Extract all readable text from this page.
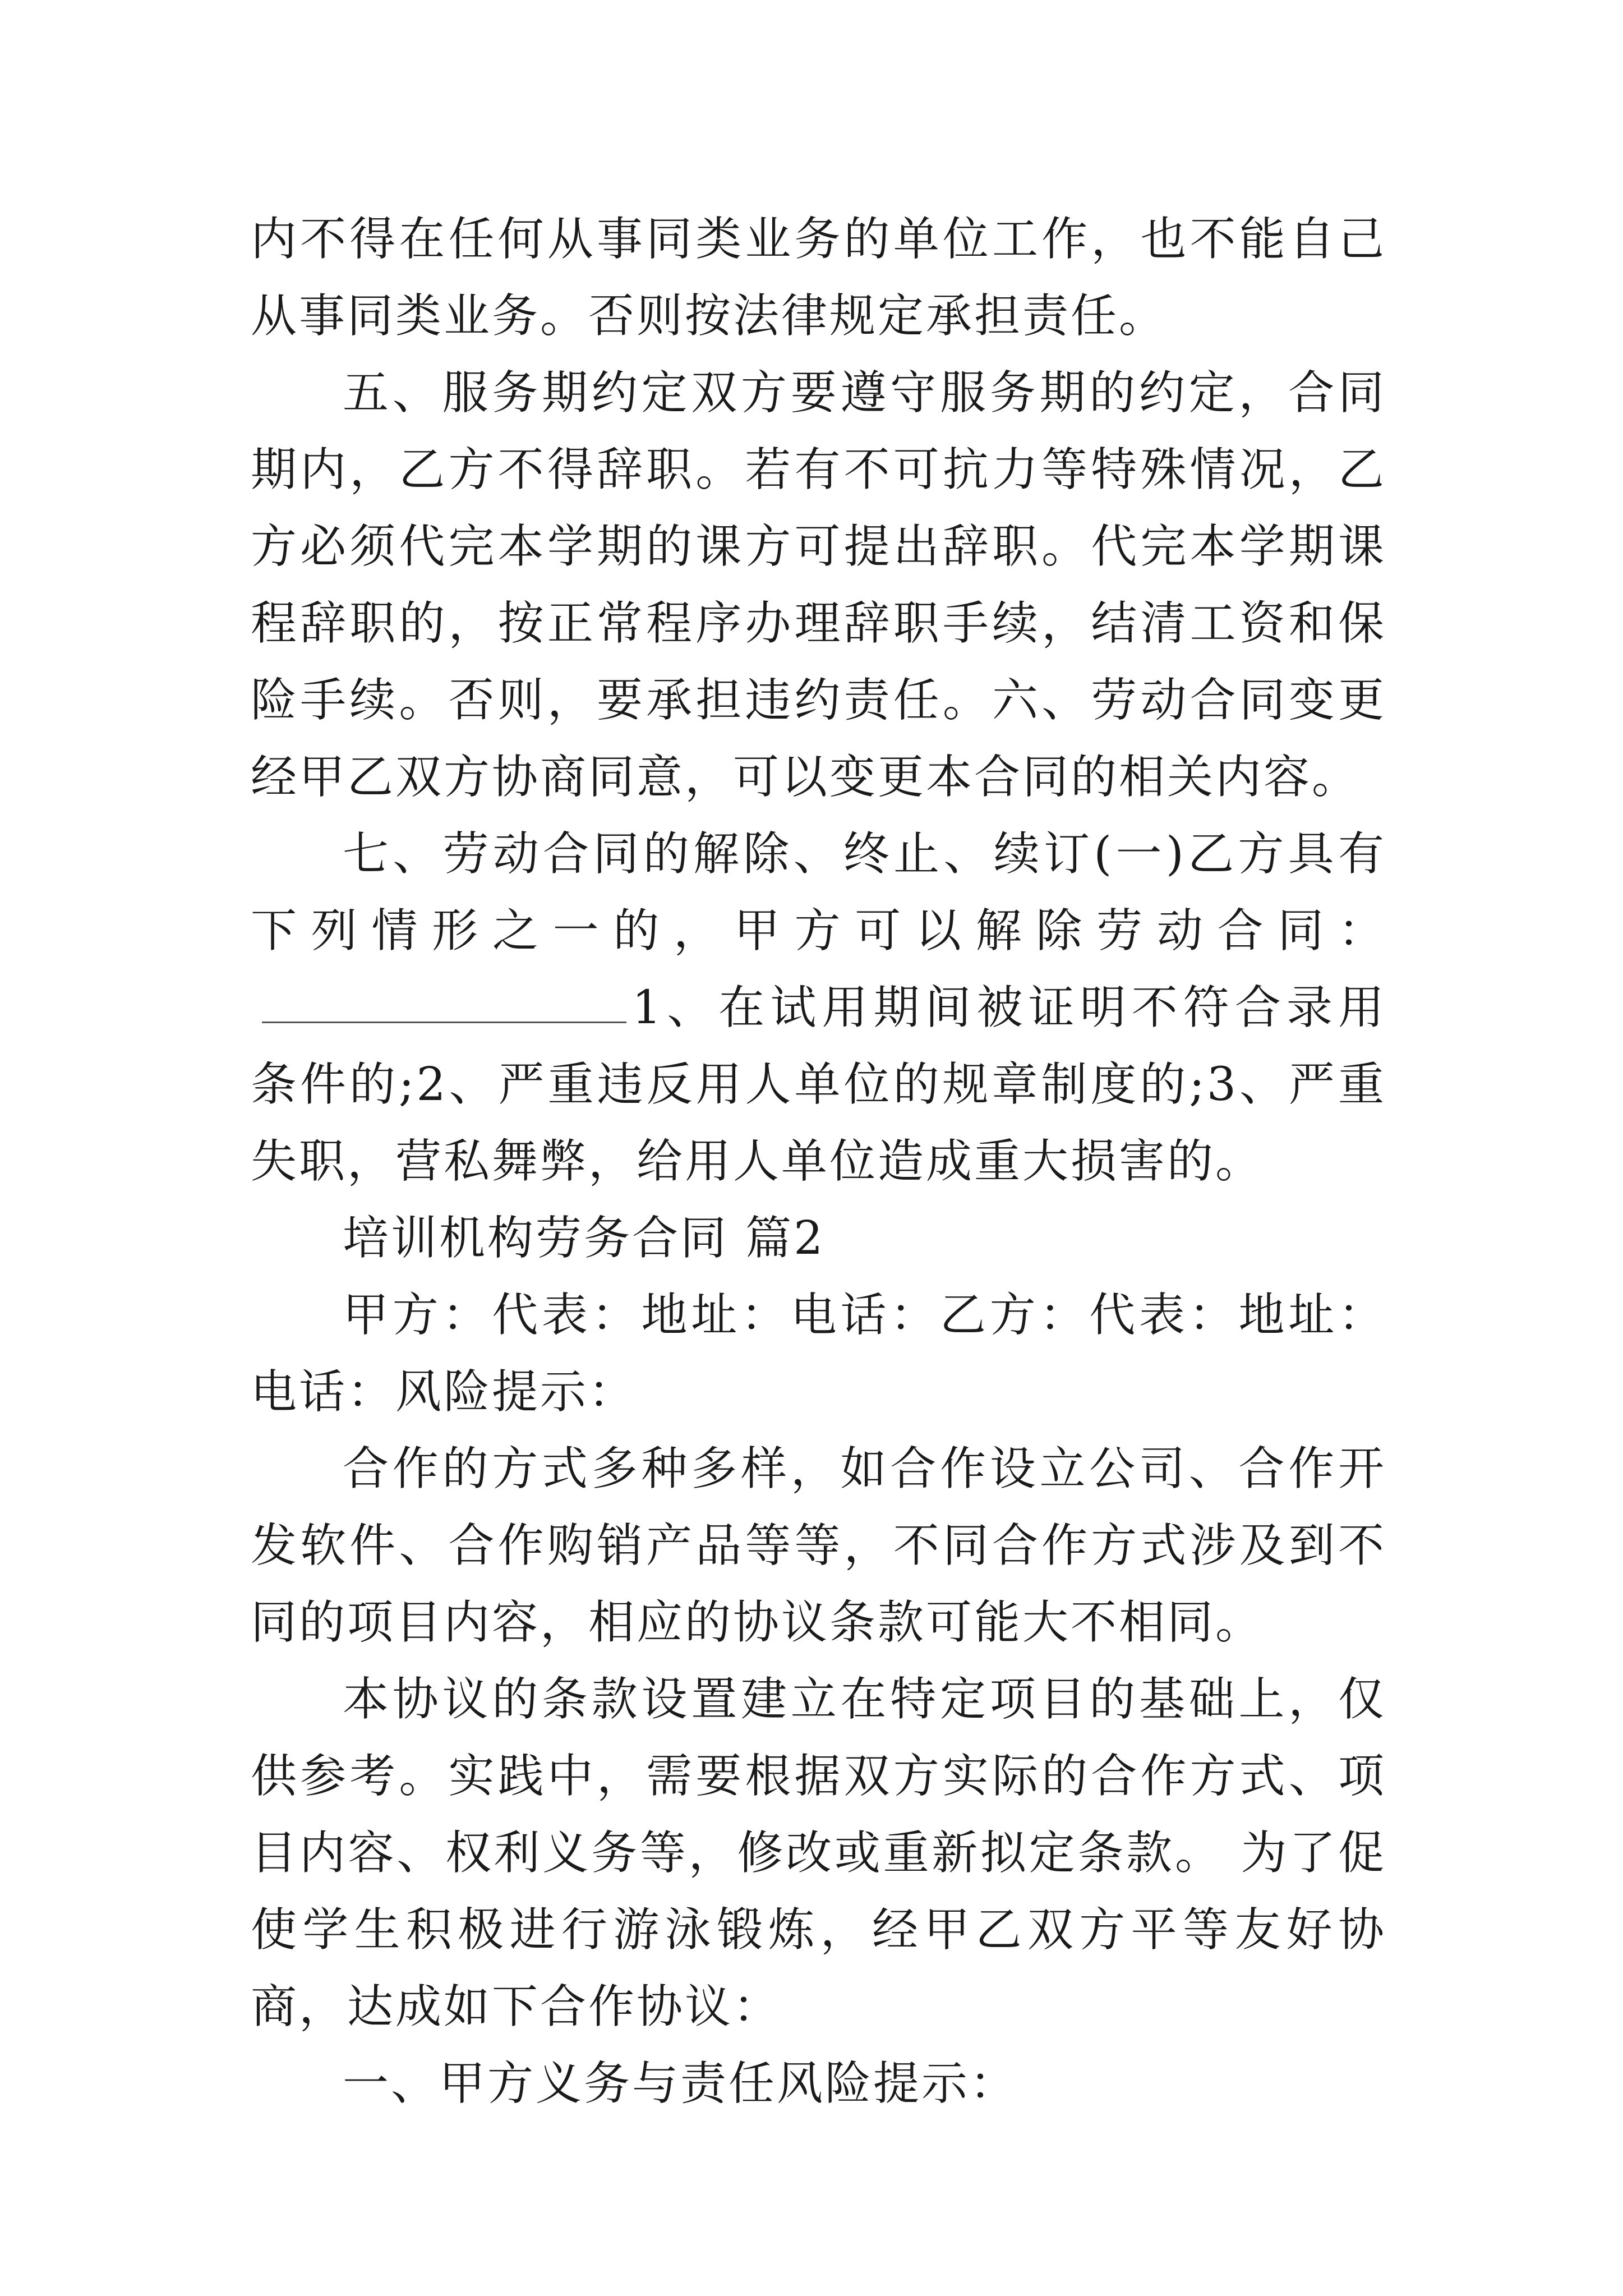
内不得在任何从事同类业务的单位工作，也不能自己从事同类业务。否则按法律规定承担责任。

五、服务期约定双方要遵守服务期的约定，合同期内，乙方不得辞职。若有不可抗力等特殊情况，乙方必须代完本学期的课方可提出辞职。代完本学期课程辞职的，按正常程序办理辞职手续，结清工资和保险手续。否则，要承担违约责任。六、劳动合同变更经甲乙双方协商同意，可以变更本合同的相关内容。

七、劳动合同的解除、终止、续订(一)乙方具有下列情形之一的，甲方可以解除劳动合同：1、在试用期间被证明不符合录用条件的;2、严重违反用人单位的规章制度的;3、严重失职，营私舞弊，给用人单位造成重大损害的。

培训机构劳务合同 篇2

甲方：代表：地址：电话：乙方：代表：地址：电话：风险提示：

合作的方式多种多样，如合作设立公司、合作开发软件、合作购销产品等等，不同合作方式涉及到不同的项目内容，相应的协议条款可能大不相同。

本协议的条款设置建立在特定项目的基础上，仅供参考。实践中，需要根据双方实际的合作方式、项目内容、权利义务等，修改或重新拟定条款。 为了促使学生积极进行游泳锻炼，经甲乙双方平等友好协商，达成如下合作协议：

一、甲方义务与责任风险提示：
